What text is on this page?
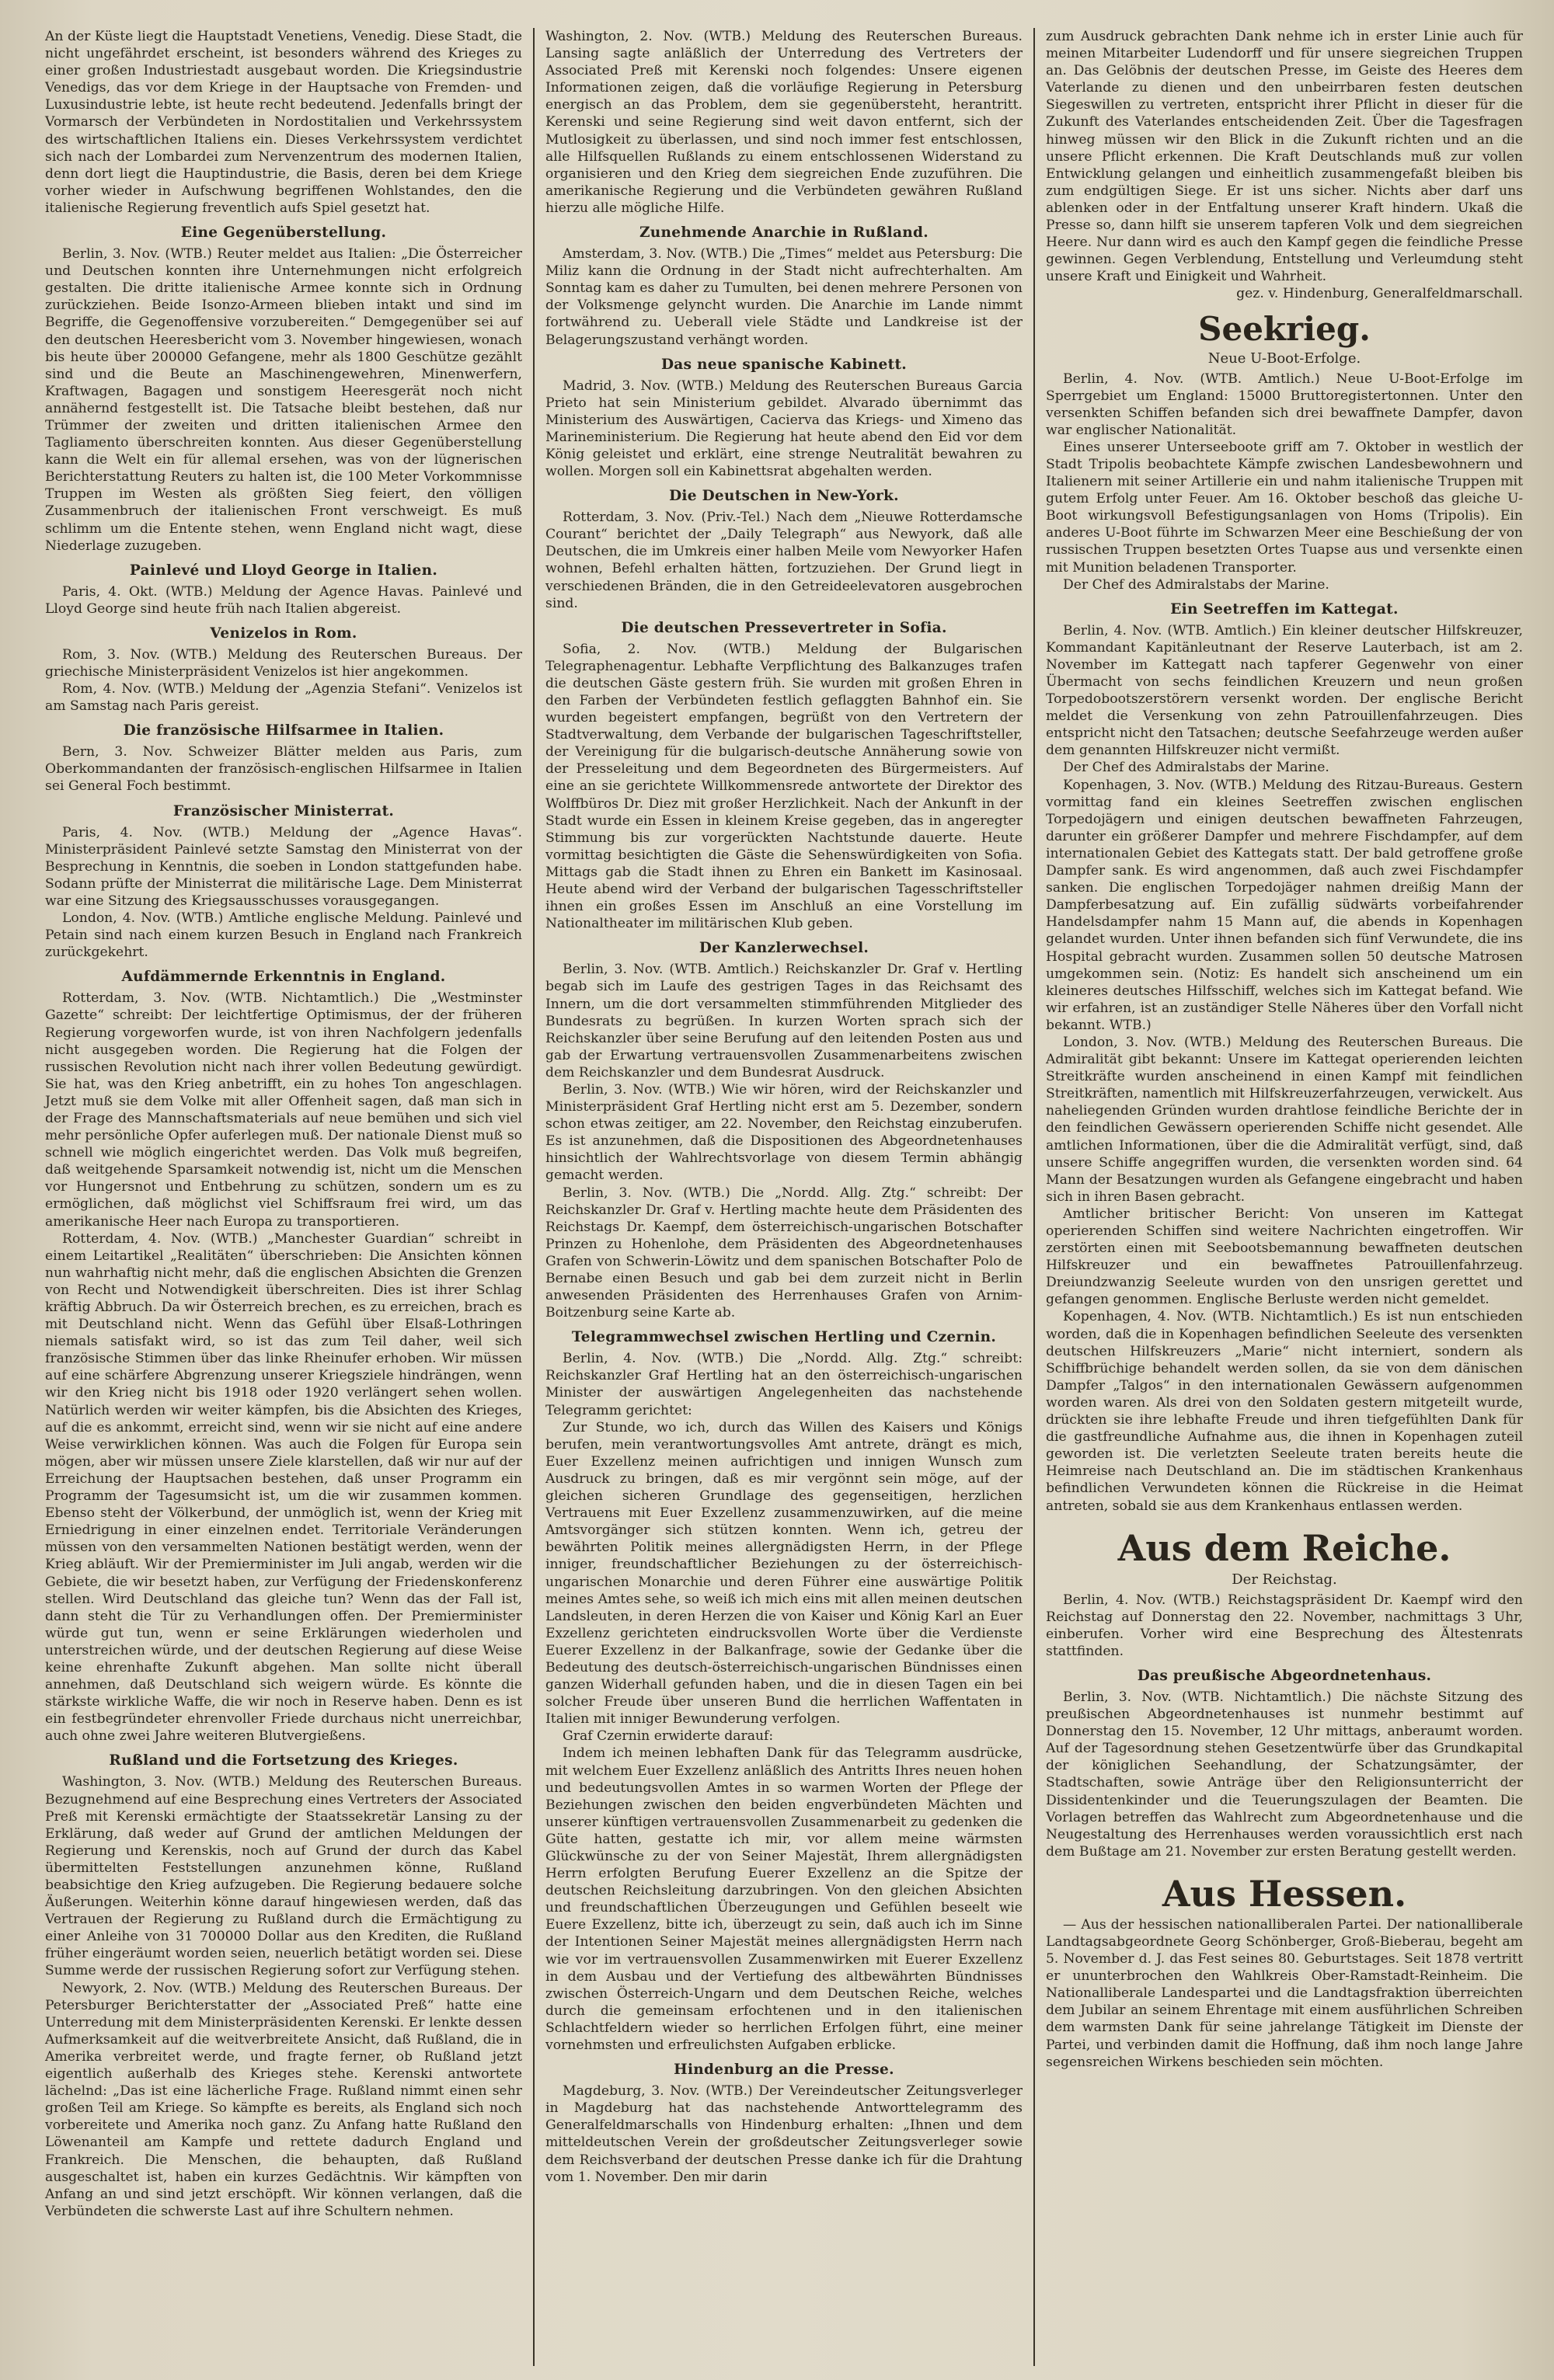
An der Küste liegt die Hauptstadt Venetiens, Venedig. Diese Stadt, die nicht ungefährdet erscheint, ist besonders während des Krieges zu einer großen Industriestadt ausgebaut worden. Die Kriegsindustrie Venedigs, das vor dem Kriege in der Hauptsache von Fremden- und Luxusindustrie lebte, ist heute recht bedeutend. Jedenfalls bringt der Vormarsch der Verbündeten in Nordostitalien und Verkehrssystem des wirtschaftlichen Italiens ein. Dieses Verkehrssystem verdichtet sich nach der Lombardei zum Nervenzentrum des modernen Italien, denn dort liegt die Hauptindustrie, die Basis, deren bei dem Kriege vorher wieder in Aufschwung begriffenen Wohlstandes, den die italienische Regierung freventlich aufs Spiel gesetzt hat.

Eine Gegenüberstellung.

Berlin, 3. Nov. (WTB.) Reuter meldet aus Italien: „Die Österreicher und Deutschen konnten ihre Unternehmungen nicht erfolgreich gestalten. Die dritte italienische Armee konnte sich in Ordnung zurückziehen. Beide Isonzo-Armeen blieben intakt und sind im Begriffe, die Gegenoffensive vorzubereiten.“ Demgegenüber sei auf den deutschen Heeresbericht vom 3. November hingewiesen, wonach bis heute über 200000 Gefangene, mehr als 1800 Geschütze gezählt sind und die Beute an Maschinengewehren, Minenwerfern, Kraftwagen, Bagagen und sonstigem Heeresgerät noch nicht annähernd festgestellt ist. Die Tatsache bleibt bestehen, daß nur Trümmer der zweiten und dritten italienischen Armee den Tagliamento überschreiten konnten. Aus dieser Gegenüberstellung kann die Welt ein für allemal ersehen, was von der lügnerischen Berichterstattung Reuters zu halten ist, die 100 Meter Vorkommnisse Truppen im Westen als größten Sieg feiert, den völligen Zusammenbruch der italienischen Front verschweigt. Es muß schlimm um die Entente stehen, wenn England nicht wagt, diese Niederlage zuzugeben.

Painlevé und Lloyd George in Italien.

Paris, 4. Okt. (WTB.) Meldung der Agence Havas. Painlevé und Lloyd George sind heute früh nach Italien abgereist.

Venizelos in Rom.

Rom, 3. Nov. (WTB.) Meldung des Reuterschen Bureaus. Der griechische Ministerpräsident Venizelos ist hier angekommen.

Rom, 4. Nov. (WTB.) Meldung der „Agenzia Stefani“. Venizelos ist am Samstag nach Paris gereist.

Die französische Hilfsarmee in Italien.

Bern, 3. Nov. Schweizer Blätter melden aus Paris, zum Oberkommandanten der französisch-englischen Hilfsarmee in Italien sei General Foch bestimmt.

Französischer Ministerrat.

Paris, 4. Nov. (WTB.) Meldung der „Agence Havas“. Ministerpräsident Painlevé setzte Samstag den Ministerrat von der Besprechung in Kenntnis, die soeben in London stattgefunden habe. Sodann prüfte der Ministerrat die militärische Lage. Dem Ministerrat war eine Sitzung des Kriegsausschusses vorausgegangen.

London, 4. Nov. (WTB.) Amtliche englische Meldung. Painlevé und Petain sind nach einem kurzen Besuch in England nach Frankreich zurückgekehrt.

Aufdämmernde Erkenntnis in England.

Rotterdam, 3. Nov. (WTB. Nichtamtlich.) Die „Westminster Gazette“ schreibt: Der leichtfertige Optimismus, der der früheren Regierung vorgeworfen wurde, ist von ihren Nachfolgern jedenfalls nicht ausgegeben worden. Die Regierung hat die Folgen der russischen Revolution nicht nach ihrer vollen Bedeutung gewürdigt. Sie hat, was den Krieg anbetrifft, ein zu hohes Ton angeschlagen. Jetzt muß sie dem Volke mit aller Offenheit sagen, daß man sich in der Frage des Mannschaftsmaterials auf neue bemühen und sich viel mehr persönliche Opfer auferlegen muß. Der nationale Dienst muß so schnell wie möglich eingerichtet werden. Das Volk muß begreifen, daß weitgehende Sparsamkeit notwendig ist, nicht um die Menschen vor Hungersnot und Entbehrung zu schützen, sondern um es zu ermöglichen, daß möglichst viel Schiffsraum frei wird, um das amerikanische Heer nach Europa zu transportieren.

Rotterdam, 4. Nov. (WTB.) „Manchester Guardian“ schreibt in einem Leitartikel „Realitäten“ überschrieben: Die Ansichten können nun wahrhaftig nicht mehr, daß die englischen Absichten die Grenzen von Recht und Notwendigkeit überschreiten. Dies ist ihrer Schlag kräftig Abbruch. Da wir Österreich brechen, es zu erreichen, brach es mit Deutschland nicht. Wenn das Gefühl über Elsaß-Lothringen niemals satisfakt wird, so ist das zum Teil daher, weil sich französische Stimmen über das linke Rheinufer erhoben. Wir müssen auf eine schärfere Abgrenzung unserer Kriegsziele hindrängen, wenn wir den Krieg nicht bis 1918 oder 1920 verlängert sehen wollen. Natürlich werden wir weiter kämpfen, bis die Absichten des Krieges, auf die es ankommt, erreicht sind, wenn wir sie nicht auf eine andere Weise verwirklichen können. Was auch die Folgen für Europa sein mögen, aber wir müssen unsere Ziele klarstellen, daß wir nur auf der Erreichung der Hauptsachen bestehen, daß unser Programm ein Programm der Tagesumsicht ist, um die wir zusammen kommen. Ebenso steht der Völkerbund, der unmöglich ist, wenn der Krieg mit Erniedrigung in einer einzelnen endet. Territoriale Veränderungen müssen von den versammelten Nationen bestätigt werden, wenn der Krieg abläuft. Wir der Premierminister im Juli angab, werden wir die Gebiete, die wir besetzt haben, zur Verfügung der Friedenskonferenz stellen. Wird Deutschland das gleiche tun? Wenn das der Fall ist, dann steht die Tür zu Verhandlungen offen. Der Premierminister würde gut tun, wenn er seine Erklärungen wiederholen und unterstreichen würde, und der deutschen Regierung auf diese Weise keine ehrenhafte Zukunft abgehen. Man sollte nicht überall annehmen, daß Deutschland sich weigern würde. Es könnte die stärkste wirkliche Waffe, die wir noch in Reserve haben. Denn es ist ein festbegründeter ehrenvoller Friede durchaus nicht unerreichbar, auch ohne zwei Jahre weiteren Blutvergießens.

Rußland und die Fortsetzung des Krieges.

Washington, 3. Nov. (WTB.) Meldung des Reuterschen Bureaus. Bezugnehmend auf eine Besprechung eines Vertreters der Associated Preß mit Kerenski ermächtigte der Staatssekretär Lansing zu der Erklärung, daß weder auf Grund der amtlichen Meldungen der Regierung und Kerenskis, noch auf Grund der durch das Kabel übermittelten Feststellungen anzunehmen könne, Rußland beabsichtige den Krieg aufzugeben. Die Regierung bedauere solche Äußerungen. Weiterhin könne darauf hingewiesen werden, daß das Vertrauen der Regierung zu Rußland durch die Ermächtigung zu einer Anleihe von 31 700000 Dollar aus den Krediten, die Rußland früher eingeräumt worden seien, neuerlich betätigt worden sei. Diese Summe werde der russischen Regierung sofort zur Verfügung stehen.

Newyork, 2. Nov. (WTB.) Meldung des Reuterschen Bureaus. Der Petersburger Berichterstatter der „Associated Preß“ hatte eine Unterredung mit dem Ministerpräsidenten Kerenski. Er lenkte dessen Aufmerksamkeit auf die weitverbreitete Ansicht, daß Rußland, die in Amerika verbreitet werde, und fragte ferner, ob Rußland jetzt eigentlich außerhalb des Krieges stehe. Kerenski antwortete lächelnd: „Das ist eine lächerliche Frage. Rußland nimmt einen sehr großen Teil am Kriege. So kämpfte es bereits, als England sich noch vorbereitete und Amerika noch ganz. Zu Anfang hatte Rußland den Löwenanteil am Kampfe und rettete dadurch England und Frankreich. Die Menschen, die behaupten, daß Rußland ausgeschaltet ist, haben ein kurzes Gedächtnis. Wir kämpften von Anfang an und sind jetzt erschöpft. Wir können verlangen, daß die Verbündeten die schwerste Last auf ihre Schultern nehmen.

Washington, 2. Nov. (WTB.) Meldung des Reuterschen Bureaus. Lansing sagte anläßlich der Unterredung des Vertreters der Associated Preß mit Kerenski noch folgendes: Unsere eigenen Informationen zeigen, daß die vorläufige Regierung in Petersburg energisch an das Problem, dem sie gegenübersteht, herantritt. Kerenski und seine Regierung sind weit davon entfernt, sich der Mutlosigkeit zu überlassen, und sind noch immer fest entschlossen, alle Hilfsquellen Rußlands zu einem entschlossenen Widerstand zu organisieren und den Krieg dem siegreichen Ende zuzuführen. Die amerikanische Regierung und die Verbündeten gewähren Rußland hierzu alle mögliche Hilfe.

Zunehmende Anarchie in Rußland.

Amsterdam, 3. Nov. (WTB.) Die „Times“ meldet aus Petersburg: Die Miliz kann die Ordnung in der Stadt nicht aufrechterhalten. Am Sonntag kam es daher zu Tumulten, bei denen mehrere Personen von der Volksmenge gelyncht wurden. Die Anarchie im Lande nimmt fortwährend zu. Ueberall viele Städte und Landkreise ist der Belagerungszustand verhängt worden.

Das neue spanische Kabinett.

Madrid, 3. Nov. (WTB.) Meldung des Reuterschen Bureaus Garcia Prieto hat sein Ministerium gebildet. Alvarado übernimmt das Ministerium des Auswärtigen, Cacierva das Kriegs- und Ximeno das Marineministerium. Die Regierung hat heute abend den Eid vor dem König geleistet und erklärt, eine strenge Neutralität bewahren zu wollen. Morgen soll ein Kabinettsrat abgehalten werden.

Die Deutschen in New-York.

Rotterdam, 3. Nov. (Priv.-Tel.) Nach dem „Nieuwe Rotterdamsche Courant“ berichtet der „Daily Telegraph“ aus Newyork, daß alle Deutschen, die im Umkreis einer halben Meile vom Newyorker Hafen wohnen, Befehl erhalten hätten, fortzuziehen. Der Grund liegt in verschiedenen Bränden, die in den Getreideelevatoren ausgebrochen sind.

Die deutschen Pressevertreter in Sofia.

Sofia, 2. Nov. (WTB.) Meldung der Bulgarischen Telegraphenagentur. Lebhafte Verpflichtung des Balkanzuges trafen die deutschen Gäste gestern früh. Sie wurden mit großen Ehren in den Farben der Verbündeten festlich geflaggten Bahnhof ein. Sie wurden begeistert empfangen, begrüßt von den Vertretern der Stadtverwaltung, dem Verbande der bulgarischen Tageschriftsteller, der Vereinigung für die bulgarisch-deutsche Annäherung sowie von der Presseleitung und dem Begeordneten des Bürgermeisters. Auf eine an sie gerichtete Willkommensrede antwortete der Direktor des Wolffbüros Dr. Diez mit großer Herzlichkeit. Nach der Ankunft in der Stadt wurde ein Essen in kleinem Kreise gegeben, das in angeregter Stimmung bis zur vorgerückten Nachtstunde dauerte. Heute vormittag besichtigten die Gäste die Sehenswürdigkeiten von Sofia. Mittags gab die Stadt ihnen zu Ehren ein Bankett im Kasinosaal. Heute abend wird der Verband der bulgarischen Tagesschriftsteller ihnen ein großes Essen im Anschluß an eine Vorstellung im Nationaltheater im militärischen Klub geben.

Der Kanzlerwechsel.

Berlin, 3. Nov. (WTB. Amtlich.) Reichskanzler Dr. Graf v. Hertling begab sich im Laufe des gestrigen Tages in das Reichsamt des Innern, um die dort versammelten stimmführenden Mitglieder des Bundesrats zu begrüßen. In kurzen Worten sprach sich der Reichskanzler über seine Berufung auf den leitenden Posten aus und gab der Erwartung vertrauensvollen Zusammenarbeitens zwischen dem Reichskanzler und dem Bundesrat Ausdruck.

Berlin, 3. Nov. (WTB.) Wie wir hören, wird der Reichskanzler und Ministerpräsident Graf Hertling nicht erst am 5. Dezember, sondern schon etwas zeitiger, am 22. November, den Reichstag einzuberufen. Es ist anzunehmen, daß die Dispositionen des Abgeordnetenhauses hinsichtlich der Wahlrechtsvorlage von diesem Termin abhängig gemacht werden.

Berlin, 3. Nov. (WTB.) Die „Nordd. Allg. Ztg.“ schreibt: Der Reichskanzler Dr. Graf v. Hertling machte heute dem Präsidenten des Reichstags Dr. Kaempf, dem österreichisch-ungarischen Botschafter Prinzen zu Hohenlohe, dem Präsidenten des Abgeordnetenhauses Grafen von Schwerin-Löwitz und dem spanischen Botschafter Polo de Bernabe einen Besuch und gab bei dem zurzeit nicht in Berlin anwesenden Präsidenten des Herrenhauses Grafen von Arnim-Boitzenburg seine Karte ab.

Telegrammwechsel zwischen Hertling und Czernin.

Berlin, 4. Nov. (WTB.) Die „Nordd. Allg. Ztg.“ schreibt: Reichskanzler Graf Hertling hat an den österreichisch-ungarischen Minister der auswärtigen Angelegenheiten das nachstehende Telegramm gerichtet:

Zur Stunde, wo ich, durch das Willen des Kaisers und Königs berufen, mein verantwortungsvolles Amt antrete, drängt es mich, Euer Exzellenz meinen aufrichtigen und innigen Wunsch zum Ausdruck zu bringen, daß es mir vergönnt sein möge, auf der gleichen sicheren Grundlage des gegenseitigen, herzlichen Vertrauens mit Euer Exzellenz zusammenzuwirken, auf die meine Amtsvorgänger sich stützen konnten. Wenn ich, getreu der bewährten Politik meines allergnädigsten Herrn, in der Pflege inniger, freundschaftlicher Beziehungen zu der österreichisch-ungarischen Monarchie und deren Führer eine auswärtige Politik meines Amtes sehe, so weiß ich mich eins mit allen meinen deutschen Landsleuten, in deren Herzen die von Kaiser und König Karl an Euer Exzellenz gerichteten eindrucksvollen Worte über die Verdienste Euerer Exzellenz in der Balkanfrage, sowie der Gedanke über die Bedeutung des deutsch-österreichisch-ungarischen Bündnisses einen ganzen Widerhall gefunden haben, und die in diesen Tagen ein bei solcher Freude über unseren Bund die herrlichen Waffentaten in Italien mit inniger Bewunderung verfolgen.

Graf Czernin erwiderte darauf:

Indem ich meinen lebhaften Dank für das Telegramm ausdrücke, mit welchem Euer Exzellenz anläßlich des Antritts Ihres neuen hohen und bedeutungsvollen Amtes in so warmen Worten der Pflege der Beziehungen zwischen den beiden engverbündeten Mächten und unserer künftigen vertrauensvollen Zusammenarbeit zu gedenken die Güte hatten, gestatte ich mir, vor allem meine wärmsten Glückwünsche zu der von Seiner Majestät, Ihrem allergnädigsten Herrn erfolgten Berufung Euerer Exzellenz an die Spitze der deutschen Reichsleitung darzubringen. Von den gleichen Absichten und freundschaftlichen Überzeugungen und Gefühlen beseelt wie Euere Exzellenz, bitte ich, überzeugt zu sein, daß auch ich im Sinne der Intentionen Seiner Majestät meines allergnädigsten Herrn nach wie vor im vertrauensvollen Zusammenwirken mit Euerer Exzellenz in dem Ausbau und der Vertiefung des altbewährten Bündnisses zwischen Österreich-Ungarn und dem Deutschen Reiche, welches durch die gemeinsam erfochtenen und in den italienischen Schlachtfeldern wieder so herrlichen Erfolgen führt, eine meiner vornehmsten und erfreulichsten Aufgaben erblicke.

Hindenburg an die Presse.

Magdeburg, 3. Nov. (WTB.) Der Vereindeutscher Zeitungsverleger in Magdeburg hat das nachstehende Antworttelegramm des Generalfeldmarschalls von Hindenburg erhalten: „Ihnen und dem mitteldeutschen Verein der großdeutscher Zeitungsverleger sowie dem Reichsverband der deutschen Presse danke ich für die Drahtung vom 1. November. Den mir darin

zum Ausdruck gebrachten Dank nehme ich in erster Linie auch für meinen Mitarbeiter Ludendorff und für unsere siegreichen Truppen an. Das Gelöbnis der deutschen Presse, im Geiste des Heeres dem Vaterlande zu dienen und den unbeirrbaren festen deutschen Siegeswillen zu vertreten, entspricht ihrer Pflicht in dieser für die Zukunft des Vaterlandes entscheidenden Zeit. Über die Tagesfragen hinweg müssen wir den Blick in die Zukunft richten und an die unsere Pflicht erkennen. Die Kraft Deutschlands muß zur vollen Entwicklung gelangen und einheitlich zusammengefaßt bleiben bis zum endgültigen Siege. Er ist uns sicher. Nichts aber darf uns ablenken oder in der Entfaltung unserer Kraft hindern. Ukaß die Presse so, dann hilft sie unserem tapferen Volk und dem siegreichen Heere. Nur dann wird es auch den Kampf gegen die feindliche Presse gewinnen. Gegen Verblendung, Entstellung und Verleumdung steht unsere Kraft und Einigkeit und Wahrheit.

gez. v. Hindenburg, Generalfeldmarschall.

Seekrieg.
Neue U-Boot-Erfolge.

Berlin, 4. Nov. (WTB. Amtlich.) Neue U-Boot-Erfolge im Sperrgebiet um England: 15000 Bruttoregistertonnen. Unter den versenkten Schiffen befanden sich drei bewaffnete Dampfer, davon war englischer Nationalität.

Eines unserer Unterseeboote griff am 7. Oktober in westlich der Stadt Tripolis beobachtete Kämpfe zwischen Landesbewohnern und Italienern mit seiner Artillerie ein und nahm italienische Truppen mit gutem Erfolg unter Feuer. Am 16. Oktober beschoß das gleiche U-Boot wirkungsvoll Befestigungsanlagen von Homs (Tripolis). Ein anderes U-Boot führte im Schwarzen Meer eine Beschießung der von russischen Truppen besetzten Ortes Tuapse aus und versenkte einen mit Munition beladenen Transporter.

Der Chef des Admiralstabs der Marine.

Ein Seetreffen im Kattegat.

Berlin, 4. Nov. (WTB. Amtlich.) Ein kleiner deutscher Hilfskreuzer, Kommandant Kapitänleutnant der Reserve Lauterbach, ist am 2. November im Kattegatt nach tapferer Gegenwehr von einer Übermacht von sechs feindlichen Kreuzern und neun großen Torpedobootszerstörern versenkt worden. Der englische Bericht meldet die Versenkung von zehn Patrouillenfahrzeugen. Dies entspricht nicht den Tatsachen; deutsche Seefahrzeuge werden außer dem genannten Hilfskreuzer nicht vermißt.

Der Chef des Admiralstabs der Marine.

Kopenhagen, 3. Nov. (WTB.) Meldung des Ritzau-Bureaus. Gestern vormittag fand ein kleines Seetreffen zwischen englischen Torpedojägern und einigen deutschen bewaffneten Fahrzeugen, darunter ein größerer Dampfer und mehrere Fischdampfer, auf dem internationalen Gebiet des Kattegats statt. Der bald getroffene große Dampfer sank. Es wird angenommen, daß auch zwei Fischdampfer sanken. Die englischen Torpedojäger nahmen dreißig Mann der Dampferbesatzung auf. Ein zufällig südwärts vorbeifahrender Handelsdampfer nahm 15 Mann auf, die abends in Kopenhagen gelandet wurden. Unter ihnen befanden sich fünf Verwundete, die ins Hospital gebracht wurden. Zusammen sollen 50 deutsche Matrosen umgekommen sein. (Notiz: Es handelt sich anscheinend um ein kleineres deutsches Hilfsschiff, welches sich im Kattegat befand. Wie wir erfahren, ist an zuständiger Stelle Näheres über den Vorfall nicht bekannt. WTB.)

London, 3. Nov. (WTB.) Meldung des Reuterschen Bureaus. Die Admiralität gibt bekannt: Unsere im Kattegat operierenden leichten Streitkräfte wurden anscheinend in einen Kampf mit feindlichen Streitkräften, namentlich mit Hilfskreuzerfahrzeugen, verwickelt. Aus naheliegenden Gründen wurden drahtlose feindliche Berichte der in den feindlichen Gewässern operierenden Schiffe nicht gesendet. Alle amtlichen Informationen, über die die Admiralität verfügt, sind, daß unsere Schiffe angegriffen wurden, die versenkten worden sind. 64 Mann der Besatzungen wurden als Gefangene eingebracht und haben sich in ihren Basen gebracht.

Amtlicher britischer Bericht: Von unseren im Kattegat operierenden Schiffen sind weitere Nachrichten eingetroffen. Wir zerstörten einen mit Seebootsbemannung bewaffneten deutschen Hilfskreuzer und ein bewaffnetes Patrouillenfahrzeug. Dreiundzwanzig Seeleute wurden von den unsrigen gerettet und gefangen genommen. Englische Berluste werden nicht gemeldet.

Kopenhagen, 4. Nov. (WTB. Nichtamtlich.) Es ist nun entschieden worden, daß die in Kopenhagen befindlichen Seeleute des versenkten deutschen Hilfskreuzers „Marie“ nicht interniert, sondern als Schiffbrüchige behandelt werden sollen, da sie von dem dänischen Dampfer „Talgos“ in den internationalen Gewässern aufgenommen worden waren. Als drei von den Soldaten gestern mitgeteilt wurde, drückten sie ihre lebhafte Freude und ihren tiefgefühlten Dank für die gastfreundliche Aufnahme aus, die ihnen in Kopenhagen zuteil geworden ist. Die verletzten Seeleute traten bereits heute die Heimreise nach Deutschland an. Die im städtischen Krankenhaus befindlichen Verwundeten können die Rückreise in die Heimat antreten, sobald sie aus dem Krankenhaus entlassen werden.

Aus dem Reiche.
Der Reichstag.

Berlin, 4. Nov. (WTB.) Reichstagspräsident Dr. Kaempf wird den Reichstag auf Donnerstag den 22. November, nachmittags 3 Uhr, einberufen. Vorher wird eine Besprechung des Ältestenrats stattfinden.

Das preußische Abgeordnetenhaus.

Berlin, 3. Nov. (WTB. Nichtamtlich.) Die nächste Sitzung des preußischen Abgeordnetenhauses ist nunmehr bestimmt auf Donnerstag den 15. November, 12 Uhr mittags, anberaumt worden. Auf der Tagesordnung stehen Gesetzentwürfe über das Grundkapital der königlichen Seehandlung, der Schatzungsämter, der Stadtschaften, sowie Anträge über den Religionsunterricht der Dissidentenkinder und die Teuerungszulagen der Beamten. Die Vorlagen betreffen das Wahlrecht zum Abgeordnetenhause und die Neugestaltung des Herrenhauses werden voraussichtlich erst nach dem Bußtage am 21. November zur ersten Beratung gestellt werden.

Aus Hessen.

— Aus der hessischen nationalliberalen Partei. Der nationalliberale Landtagsabgeordnete Georg Schönberger, Groß-Bieberau, begeht am 5. November d. J. das Fest seines 80. Geburtstages. Seit 1878 vertritt er ununterbrochen den Wahlkreis Ober-Ramstadt-Reinheim. Die Nationalliberale Landespartei und die Landtagsfraktion überreichten dem Jubilar an seinem Ehrentage mit einem ausführlichen Schreiben dem warmsten Dank für seine jahrelange Tätigkeit im Dienste der Partei, und verbinden damit die Hoffnung, daß ihm noch lange Jahre segensreichen Wirkens beschieden sein möchten.
